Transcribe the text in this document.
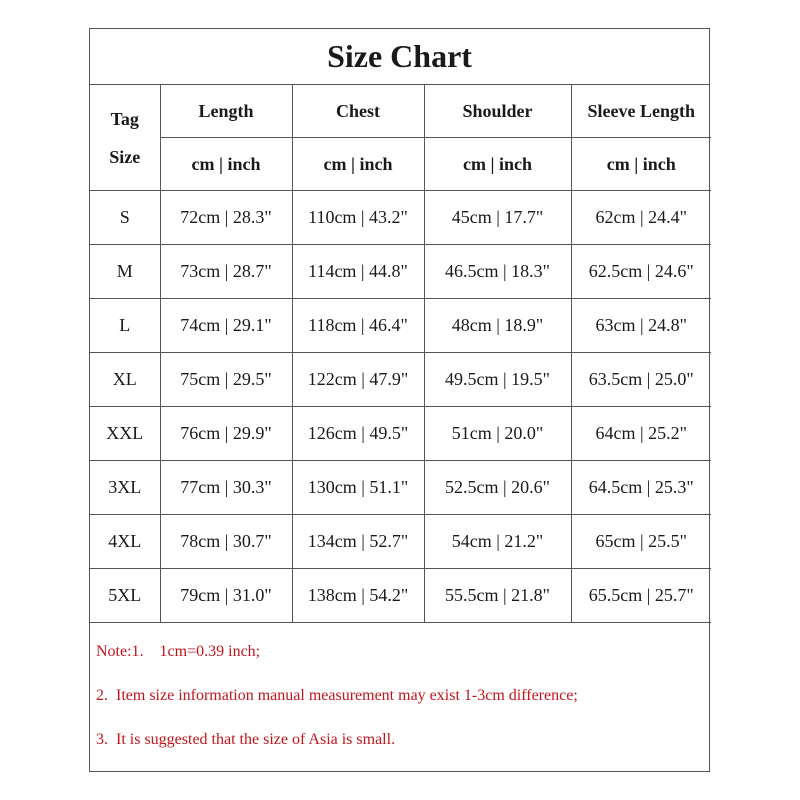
Size Chart
Tag
Size	Length	Chest	Shoulder	Sleeve Length
	cm | inch	cm | inch	cm | inch	cm | inch
S	72cm | 28.3"	110cm | 43.2"	45cm | 17.7"	62cm | 24.4"
M	73cm | 28.7"	114cm | 44.8"	46.5cm | 18.3"	62.5cm | 24.6"
L	74cm | 29.1"	118cm | 46.4"	48cm | 18.9"	63cm | 24.8"
XL	75cm | 29.5"	122cm | 47.9"	49.5cm | 19.5"	63.5cm | 25.0"
XXL	76cm | 29.9"	126cm | 49.5"	51cm | 20.0"	64cm | 25.2"
3XL	77cm | 30.3"	130cm | 51.1"	52.5cm | 20.6"	64.5cm | 25.3"
4XL	78cm | 30.7"	134cm | 52.7"	54cm | 21.2"	65cm | 25.5"
5XL	79cm | 31.0"	138cm | 54.2"	55.5cm | 21.8"	65.5cm | 25.7"
Note:1.    1cm=0.39 inch;
2.  Item size information manual measurement may exist 1-3cm difference;
3.  It is suggested that the size of Asia is small.
